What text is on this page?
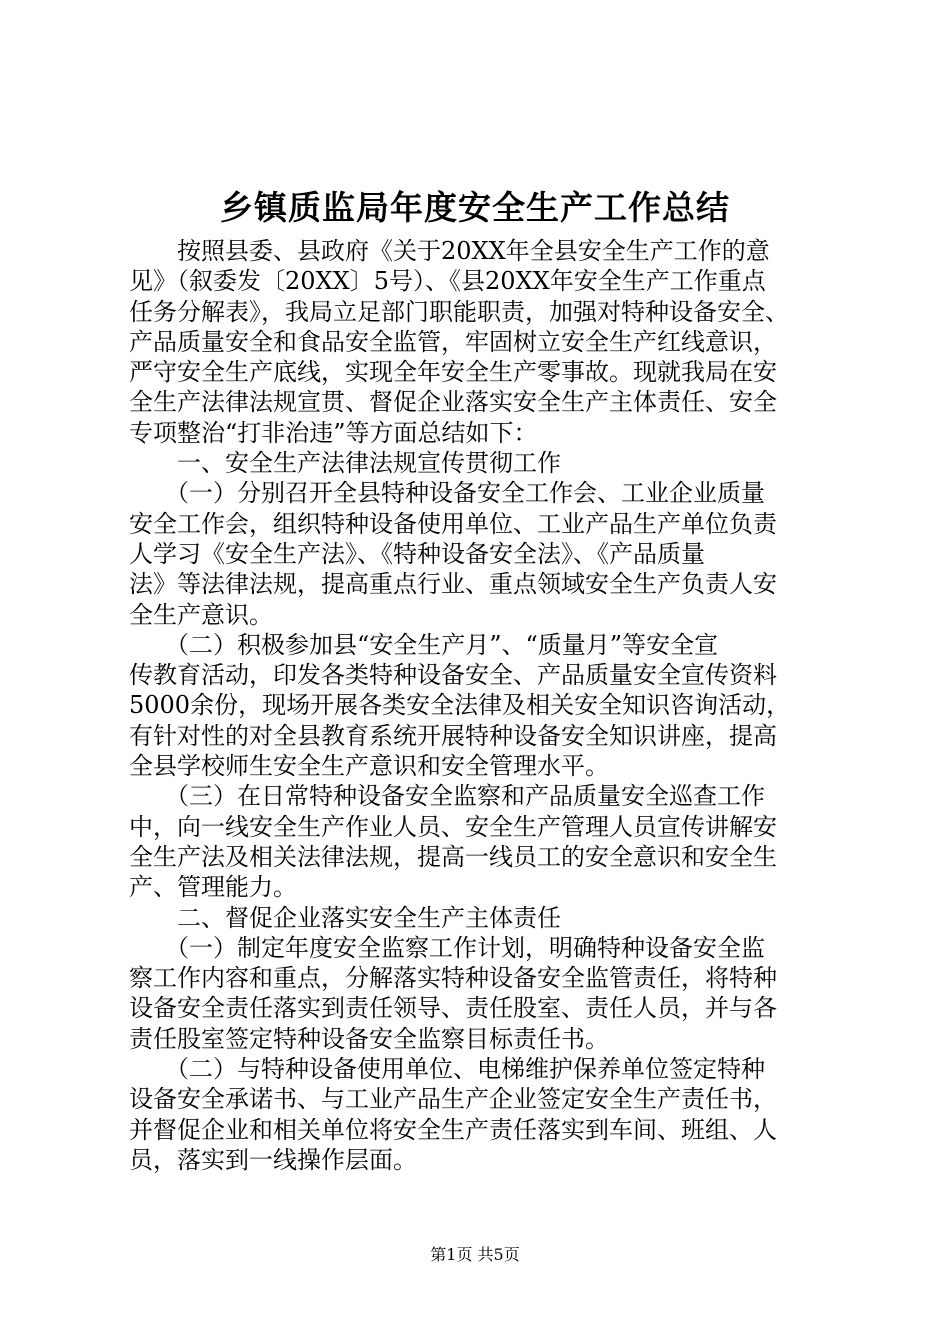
乡镇质监局年度安全生产工作总结
　　按照县委、县政府《关于20XX年全县安全生产工作的意
见》（叙委发〔20XX〕5号）、《县20XX年安全生产工作重点
任务分解表》，我局立足部门职能职责，加强对特种设备安全、
产品质量安全和食品安全监管，牢固树立安全生产红线意识，
严守安全生产底线，实现全年安全生产零事故。现就我局在安
全生产法律法规宣贯、督促企业落实安全生产主体责任、安全
专项整治“打非治违”等方面总结如下：
　　一、安全生产法律法规宣传贯彻工作
　　（一）分别召开全县特种设备安全工作会、工业企业质量
安全工作会，组织特种设备使用单位、工业产品生产单位负责
人学习《安全生产法》、《特种设备安全法》、《产品质量
法》等法律法规，提高重点行业、重点领域安全生产负责人安
全生产意识。
　　（二）积极参加县“安全生产月”、“质量月”等安全宣
传教育活动，印发各类特种设备安全、产品质量安全宣传资料
5000余份，现场开展各类安全法律及相关安全知识咨询活动，
有针对性的对全县教育系统开展特种设备安全知识讲座，提高
全县学校师生安全生产意识和安全管理水平。
　　（三）在日常特种设备安全监察和产品质量安全巡查工作
中，向一线安全生产作业人员、安全生产管理人员宣传讲解安
全生产法及相关法律法规，提高一线员工的安全意识和安全生
产、管理能力。
　　二、督促企业落实安全生产主体责任
　　（一）制定年度安全监察工作计划，明确特种设备安全监
察工作内容和重点，分解落实特种设备安全监管责任，将特种
设备安全责任落实到责任领导、责任股室、责任人员，并与各
责任股室签定特种设备安全监察目标责任书。
　　（二）与特种设备使用单位、电梯维护保养单位签定特种
设备安全承诺书、与工业产品生产企业签定安全生产责任书，
并督促企业和相关单位将安全生产责任落实到车间、班组、人
员，落实到一线操作层面。
第1页 共5页
